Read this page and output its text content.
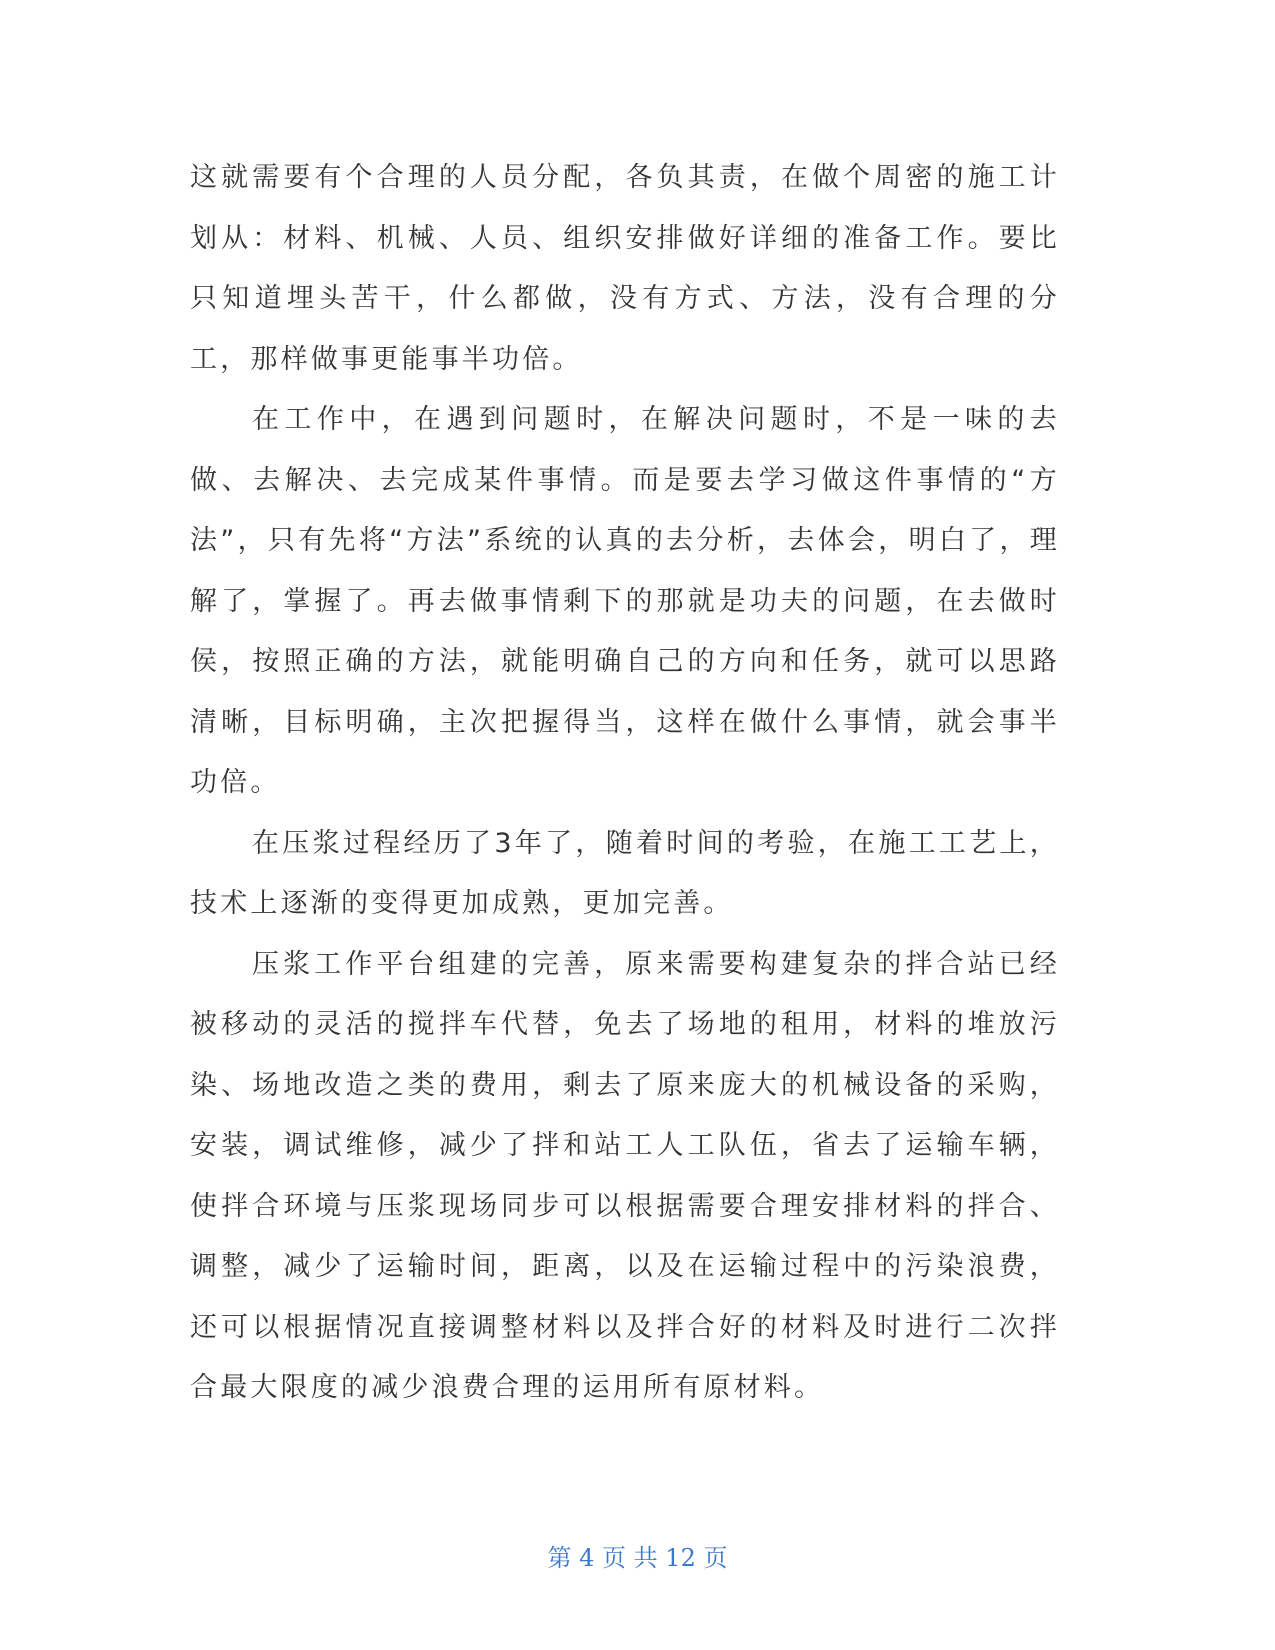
这就需要有个合理的人员分配，各负其责，在做个周密的施工计划从：材料、机械、人员、组织安排做好详细的准备工作。要比只知道埋头苦干，什么都做，没有方式、方法，没有合理的分工，那样做事更能事半功倍。

在工作中，在遇到问题时，在解决问题时，不是一味的去做、去解决、去完成某件事情。而是要去学习做这件事情的“方法”，只有先将“方法”系统的认真的去分析，去体会，明白了，理解了，掌握了。再去做事情剩下的那就是功夫的问题，在去做时侯，按照正确的方法，就能明确自己的方向和任务，就可以思路清晰，目标明确，主次把握得当，这样在做什么事情，就会事半功倍。

在压浆过程经历了3年了，随着时间的考验，在施工工艺上，技术上逐渐的变得更加成熟，更加完善。

压浆工作平台组建的完善，原来需要构建复杂的拌合站已经被移动的灵活的搅拌车代替，免去了场地的租用，材料的堆放污染、场地改造之类的费用，剩去了原来庞大的机械设备的采购，安装，调试维修，减少了拌和站工人工队伍，省去了运输车辆，使拌合环境与压浆现场同步可以根据需要合理安排材料的拌合、调整，减少了运输时间，距离，以及在运输过程中的污染浪费，还可以根据情况直接调整材料以及拌合好的材料及时进行二次拌合最大限度的减少浪费合理的运用所有原材料。

第 4 页 共 12 页
